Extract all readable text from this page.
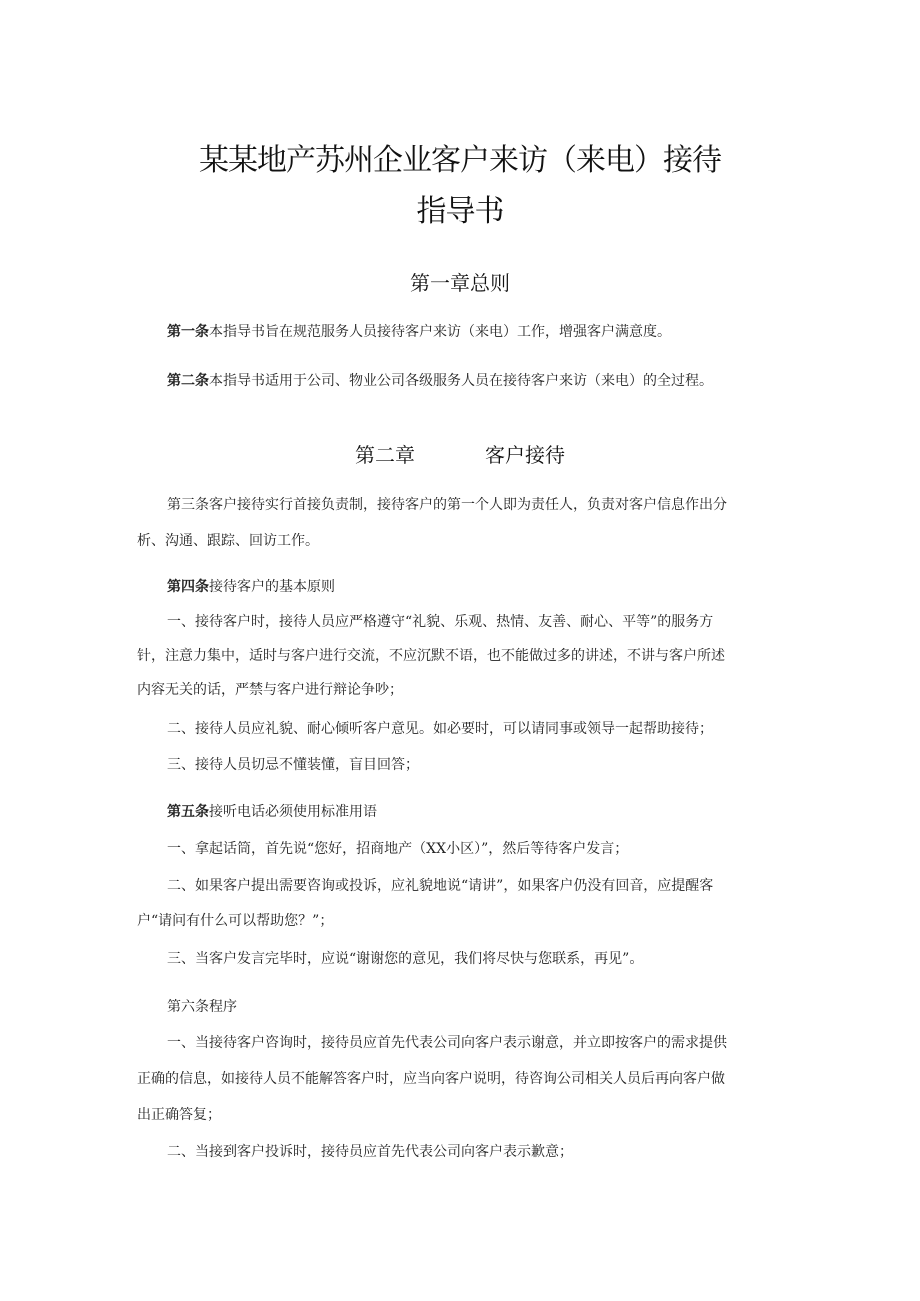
某某地产苏州企业客户来访（来电）接待
指导书
第一章总则
第一条本指导书旨在规范服务人员接待客户来访（来电）工作，增强客户满意度。
第二条本指导书适用于公司、物业公司各级服务人员在接待客户来访（来电）的全过程。
第二章	客户接待
第三条客户接待实行首接负责制，接待客户的第一个人即为责任人，负责对客户信息作出分
析、沟通、跟踪、回访工作。
第四条接待客户的基本原则
一、接待客户时，接待人员应严格遵守“礼貌、乐观、热情、友善、耐心、平等”的服务方
针，注意力集中，适时与客户进行交流，不应沉默不语，也不能做过多的讲述，不讲与客户所述
内容无关的话，严禁与客户进行辩论争吵；
二、接待人员应礼貌、耐心倾听客户意见。如必要时，可以请同事或领导一起帮助接待；
三、接待人员切忌不懂装懂，盲目回答；
第五条接听电话必须使用标准用语
一、拿起话筒，首先说“您好，招商地产（XX小区）”，然后等待客户发言；
二、如果客户提出需要咨询或投诉，应礼貌地说“请讲”，如果客户仍没有回音，应提醒客
户“请问有什么可以帮助您？”；
三、当客户发言完毕时，应说“谢谢您的意见，我们将尽快与您联系，再见”。
第六条程序
一、当接待客户咨询时，接待员应首先代表公司向客户表示谢意，并立即按客户的需求提供
正确的信息，如接待人员不能解答客户时，应当向客户说明，待咨询公司相关人员后再向客户做
出正确答复；
二、当接到客户投诉时，接待员应首先代表公司向客户表示歉意；
